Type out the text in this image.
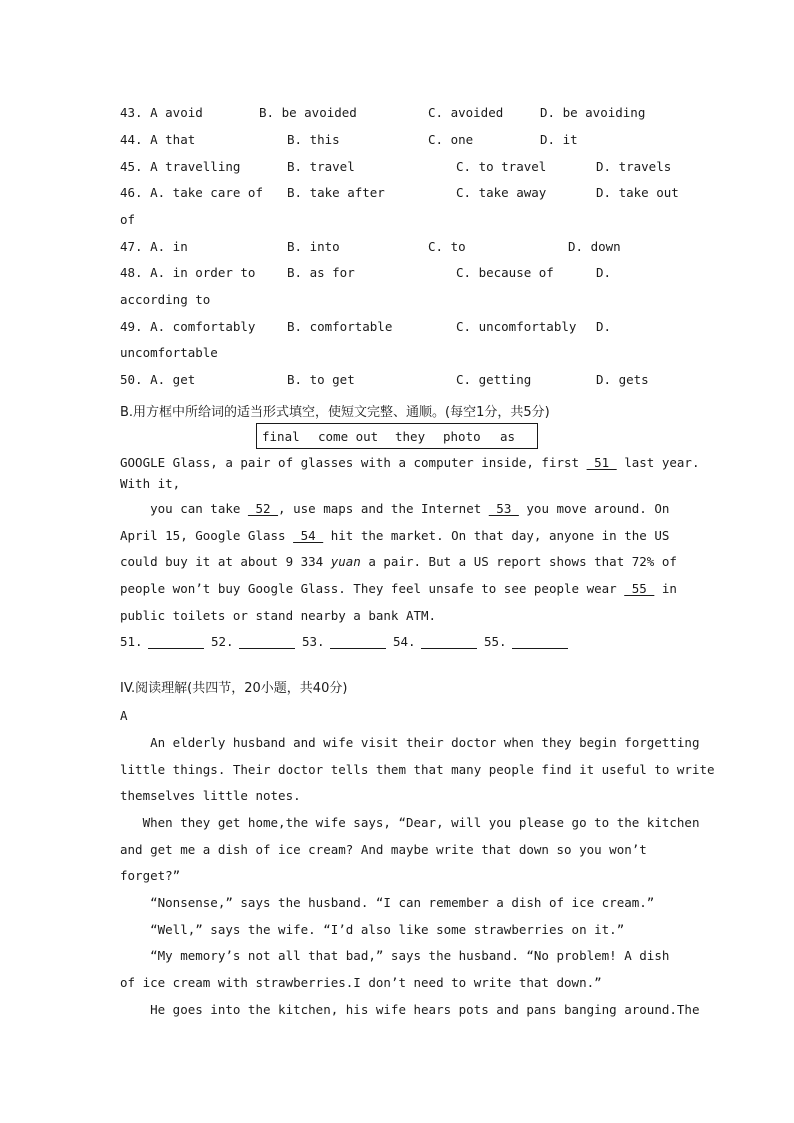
43. A avoid	B. be avoided	C. avoided	D. be avoiding
44. A that	B. this	C. one	D. it
45. A travelling	B. travel	C. to travel	D. travels
46. A. take care of B. take after	C. take away	D. take out
of
47. A. in	B. into	C. to	D. down
48. A. in order to	B. as for	C. because of	D.
according to
49. A. comfortably	B. comfortable	C. uncomfortably D.
uncomfortable
50. A. get	B. to get	C. getting	D. gets
B.用方框中所给词的适当形式填空，使短文完整、通顺。(每空1分，共5分)
final come out they photo as
GOOGLE Glass, a pair of glasses with a computer inside, first  51  last year.
With it,
you can take  52 , use maps and the Internet  53  you move around. On
April 15, Google Glass  54  hit the market. On that day, anyone in the US
could buy it at about 9 334 yuan a pair. But a US report shows that 72% of
people won’t buy Google Glass. They feel unsafe to see people wear  55  in
public toilets or stand nearby a bank ATM.
51.	52.	53.	54.	55.
IV.阅读理解(共四节，20小题，共40分)
A
An elderly husband and wife visit their doctor when they begin forgetting
little things. Their doctor tells them that many people find it useful to write
themselves little notes.
When they get home,the wife says, “Dear, will you please go to the kitchen
and get me a dish of ice cream? And maybe write that down so you won’t
forget?”
“Nonsense,” says the husband. “I can remember a dish of ice cream.”
“Well,” says the wife. “I’d also like some strawberries on it.”
“My memory’s not all that bad,” says the husband. “No problem! A dish
of ice cream with strawberries.I don’t need to write that down.”
He goes into the kitchen, his wife hears pots and pans banging around.The
